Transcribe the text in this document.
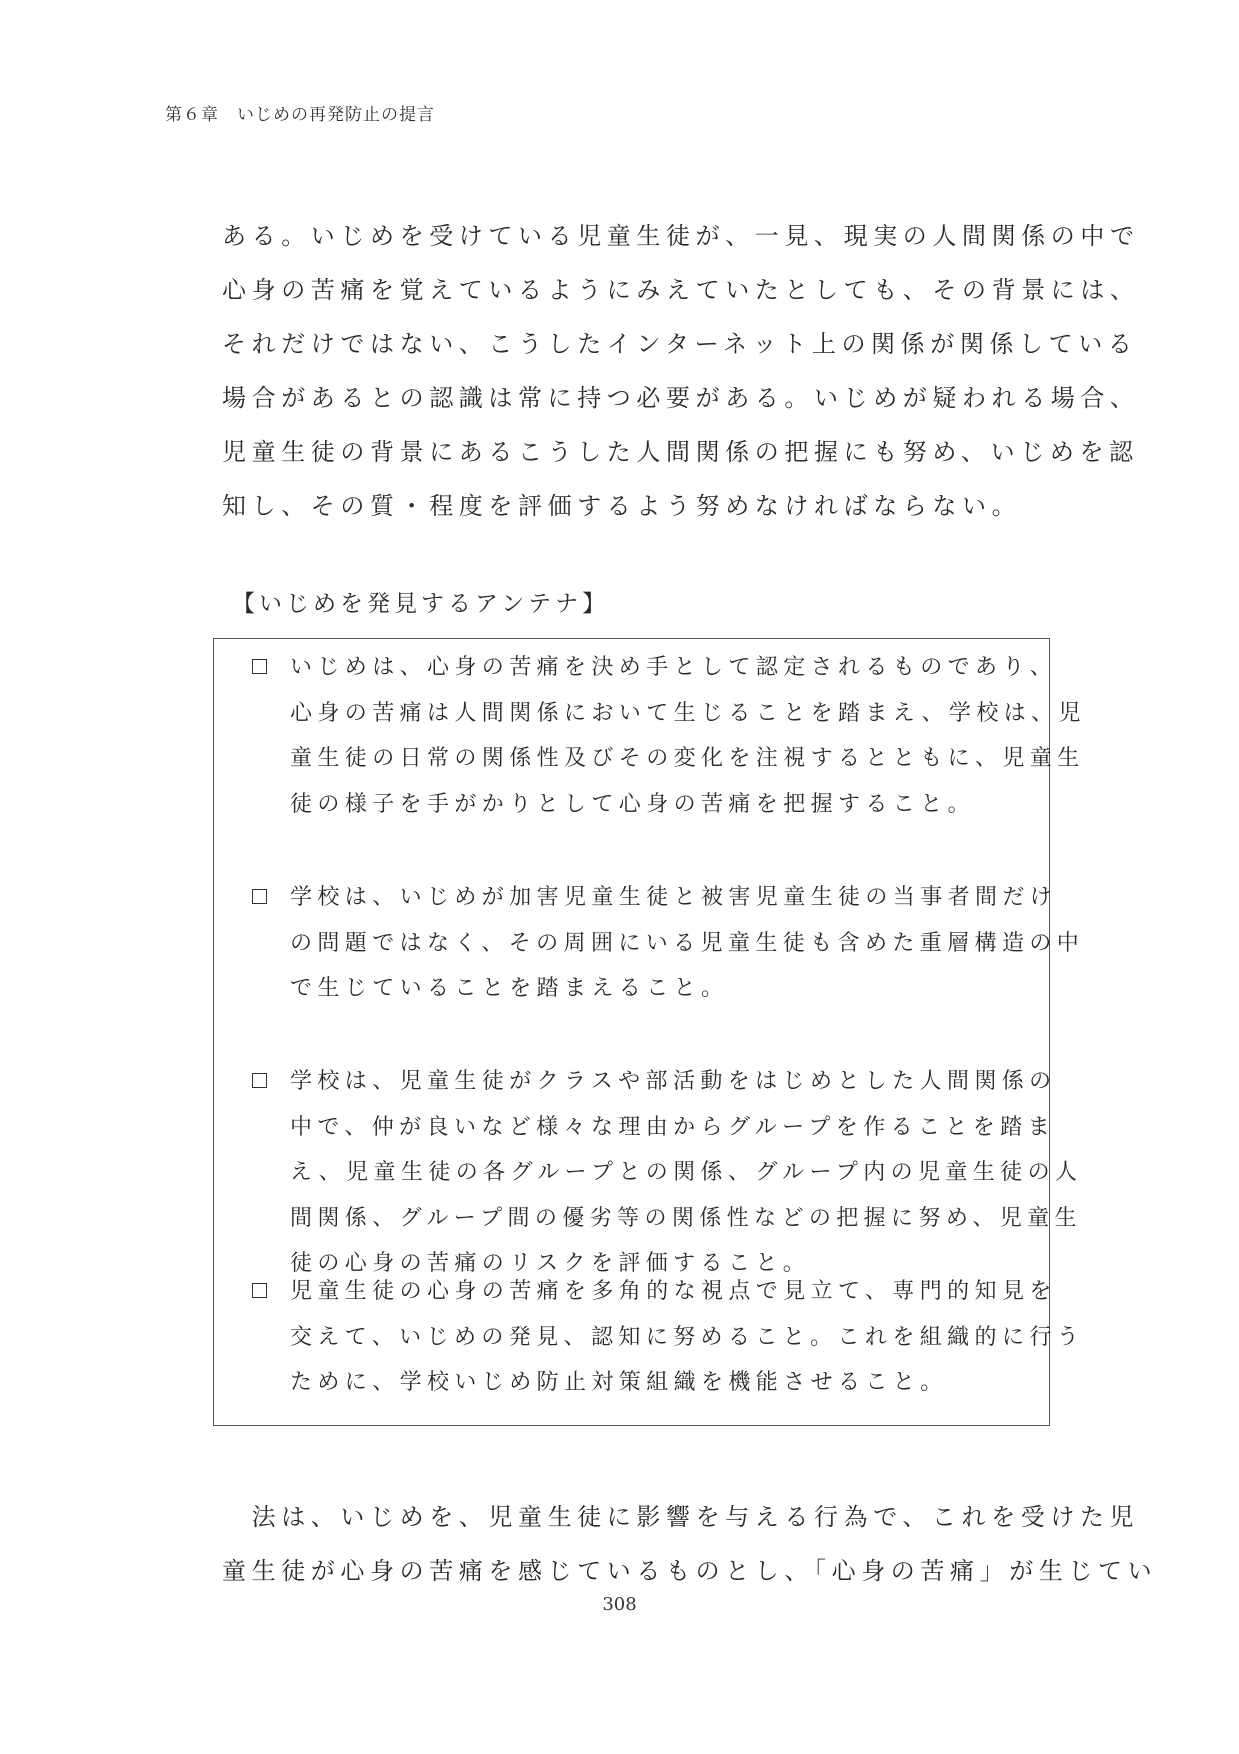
第６章　いじめの再発防止の提言
ある。いじめを受けている児童生徒が、一見、現実の人間関係の中で
心身の苦痛を覚えているようにみえていたとしても、その背景には、
それだけではない、こうしたインターネット上の関係が関係している
場合があるとの認識は常に持つ必要がある。いじめが疑われる場合、
児童生徒の背景にあるこうした人間関係の把握にも努め、いじめを認
知し、その質・程度を評価するよう努めなければならない。
【いじめを発見するアンテナ】
いじめは、心身の苦痛を決め手として認定されるものであり、
心身の苦痛は人間関係において生じることを踏まえ、学校は、児
童生徒の日常の関係性及びその変化を注視するとともに、児童生
徒の様子を手がかりとして心身の苦痛を把握すること。
学校は、いじめが加害児童生徒と被害児童生徒の当事者間だけ
の問題ではなく、その周囲にいる児童生徒も含めた重層構造の中
で生じていることを踏まえること。
学校は、児童生徒がクラスや部活動をはじめとした人間関係の
中で、仲が良いなど様々な理由からグループを作ることを踏ま
え、児童生徒の各グループとの関係、グループ内の児童生徒の人
間関係、グループ間の優劣等の関係性などの把握に努め、児童生
徒の心身の苦痛のリスクを評価すること。
児童生徒の心身の苦痛を多角的な視点で見立て、専門的知見を
交えて、いじめの発見、認知に努めること。これを組織的に行う
ために、学校いじめ防止対策組織を機能させること。
　法は、いじめを、児童生徒に影響を与える行為で、これを受けた児
童生徒が心身の苦痛を感じているものとし、「心身の苦痛」が生じてい
308
